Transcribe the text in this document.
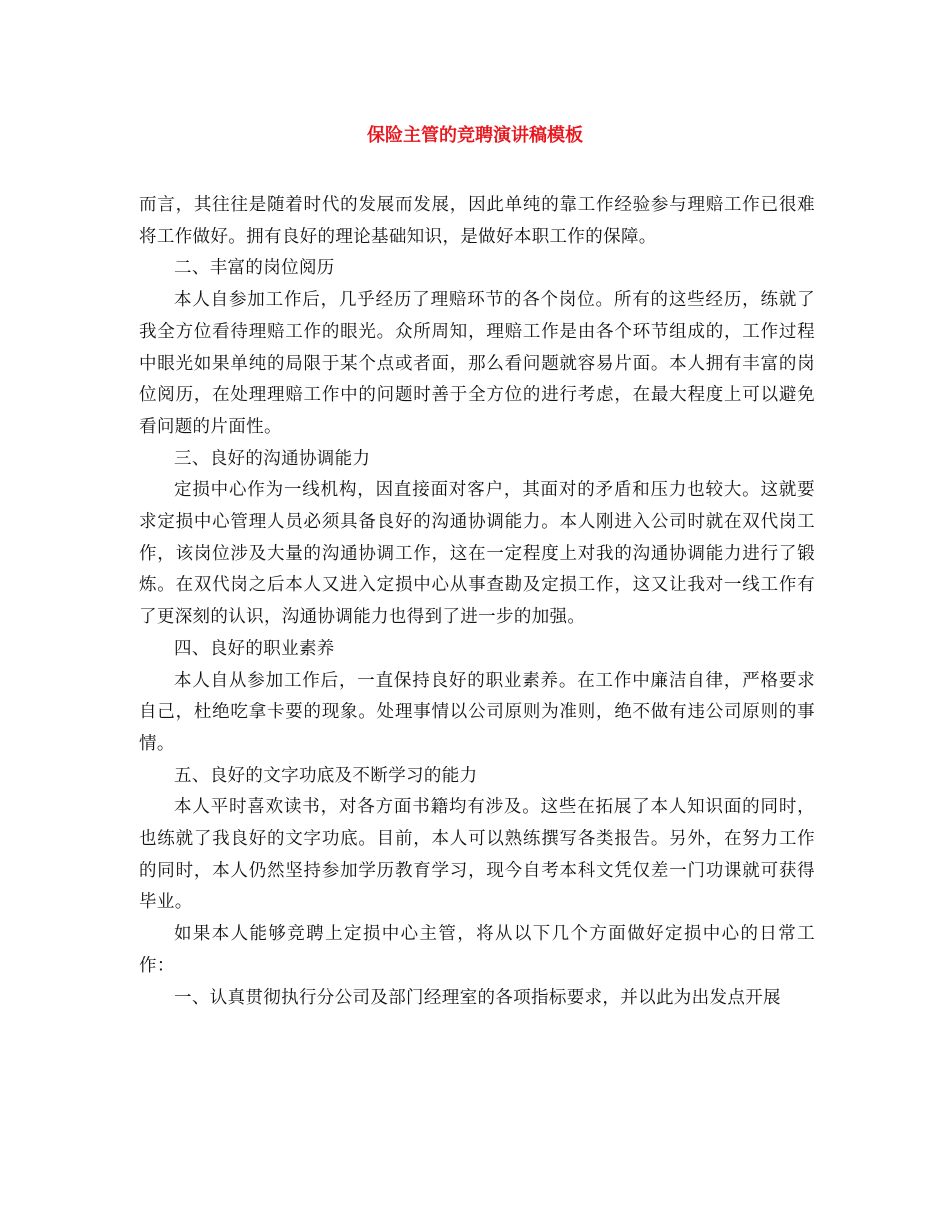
保险主管的竞聘演讲稿模板

而言，其往往是随着时代的发展而发展，因此单纯的靠工作经验参与理赔工作已很难将工作做好。拥有良好的理论基础知识，是做好本职工作的保障。

二、丰富的岗位阅历

本人自参加工作后，几乎经历了理赔环节的各个岗位。所有的这些经历，练就了我全方位看待理赔工作的眼光。众所周知，理赔工作是由各个环节组成的，工作过程中眼光如果单纯的局限于某个点或者面，那么看问题就容易片面。本人拥有丰富的岗位阅历，在处理理赔工作中的问题时善于全方位的进行考虑，在最大程度上可以避免看问题的片面性。

三、良好的沟通协调能力

定损中心作为一线机构，因直接面对客户，其面对的矛盾和压力也较大。这就要求定损中心管理人员必须具备良好的沟通协调能力。本人刚进入公司时就在双代岗工作，该岗位涉及大量的沟通协调工作，这在一定程度上对我的沟通协调能力进行了锻炼。在双代岗之后本人又进入定损中心从事查勘及定损工作，这又让我对一线工作有了更深刻的认识，沟通协调能力也得到了进一步的加强。

四、良好的职业素养

本人自从参加工作后，一直保持良好的职业素养。在工作中廉洁自律，严格要求自己，杜绝吃拿卡要的现象。处理事情以公司原则为准则，绝不做有违公司原则的事情。

五、良好的文字功底及不断学习的能力

本人平时喜欢读书，对各方面书籍均有涉及。这些在拓展了本人知识面的同时，也练就了我良好的文字功底。目前，本人可以熟练撰写各类报告。另外，在努力工作的同时，本人仍然坚持参加学历教育学习，现今自考本科文凭仅差一门功课就可获得毕业。

如果本人能够竞聘上定损中心主管，将从以下几个方面做好定损中心的日常工作：

一、认真贯彻执行分公司及部门经理室的各项指标要求，并以此为出发点开展
